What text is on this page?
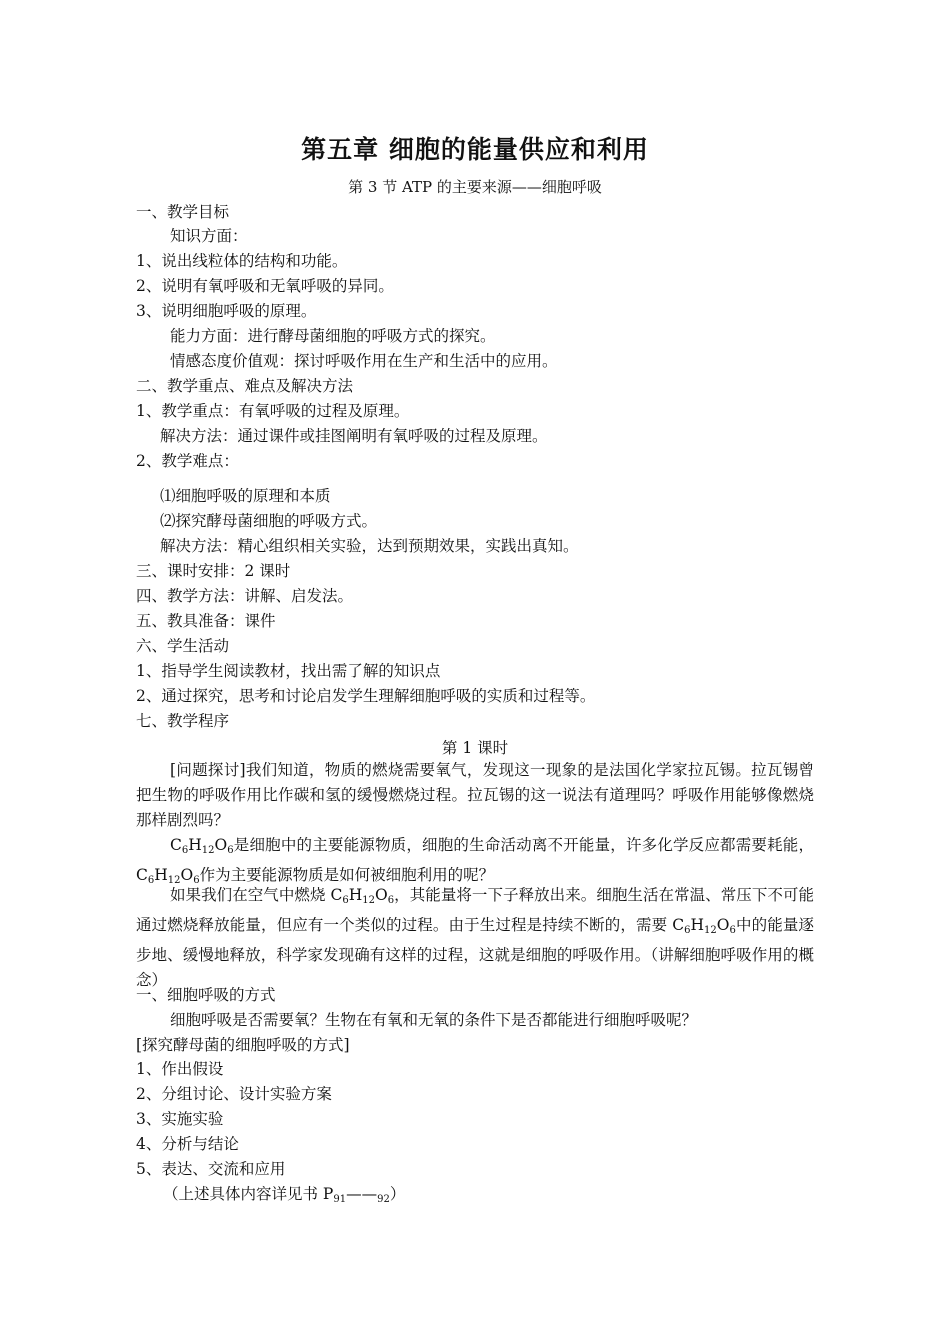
第五章 细胞的能量供应和利用
第 3 节 ATP 的主要来源——细胞呼吸
一、教学目标
知识方面：
1、说出线粒体的结构和功能。
2、说明有氧呼吸和无氧呼吸的异同。
3、说明细胞呼吸的原理。
能力方面：进行酵母菌细胞的呼吸方式的探究。
情感态度价值观：探讨呼吸作用在生产和生活中的应用。
二、教学重点、难点及解决方法
1、教学重点：有氧呼吸的过程及原理。
解决方法：通过课件或挂图阐明有氧呼吸的过程及原理。
2、教学难点：
⑴细胞呼吸的原理和本质
⑵探究酵母菌细胞的呼吸方式。
解决方法：精心组织相关实验，达到预期效果，实践出真知。
三、课时安排：2 课时
四、教学方法：讲解、启发法。
五、教具准备：课件
六、学生活动
1、指导学生阅读教材，找出需了解的知识点
2、通过探究，思考和讨论启发学生理解细胞呼吸的实质和过程等。
七、教学程序
第 1 课时
[问题探讨]我们知道，物质的燃烧需要氧气，发现这一现象的是法国化学家拉瓦锡。拉瓦锡曾把生物的呼吸作用比作碳和氢的缓慢燃烧过程。拉瓦锡的这一说法有道理吗？呼吸作用能够像燃烧那样剧烈吗？
$C_6H_{12}O_6$是细胞中的主要能源物质，细胞的生命活动离不开能量，许多化学反应都需要耗能，$C_6H_{12}O_6$作为主要能源物质是如何被细胞利用的呢？
如果我们在空气中燃烧 $C_6H_{12}O_6$，其能量将一下子释放出来。细胞生活在常温、常压下不可能通过燃烧释放能量，但应有一个类似的过程。由于生过程是持续不断的，需要 $C_6H_{12}O_6$中的能量逐步地、缓慢地释放，科学家发现确有这样的过程，这就是细胞的呼吸作用。（讲解细胞呼吸作用的概念）
一、细胞呼吸的方式
细胞呼吸是否需要氧？生物在有氧和无氧的条件下是否都能进行细胞呼吸呢？
[探究酵母菌的细胞呼吸的方式]
1、作出假设
2、分组讨论、设计实验方案
3、实施实验
4、分析与结论
5、表达、交流和应用
（上述具体内容详见书 P91——92）
